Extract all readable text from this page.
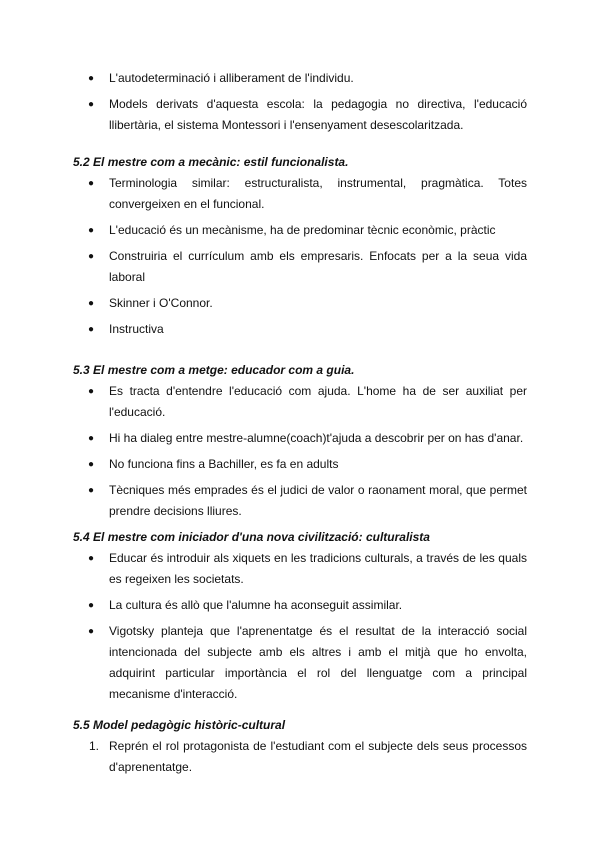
● L'autodeterminació i alliberament de l'individu.
● Models derivats d'aquesta escola: la pedagogia no directiva, l'educació llibertària, el sistema Montessori i l'ensenyament desescolaritzada.
5.2 El mestre com a mecànic: estil funcionalista.
● Terminologia similar: estructuralista, instrumental, pragmàtica. Totes convergeixen en el funcional.
● L'educació és un mecànisme, ha de predominar tècnic econòmic, pràctic
● Construiria el currículum amb els empresaris. Enfocats per a la seua vida laboral
● Skinner i O'Connor.
● Instructiva
5.3 El mestre com a metge: educador com a guia.
● Es tracta d'entendre l'educació com ajuda. L'home ha de ser auxiliat per l'educació.
● Hi ha dialeg entre mestre-alumne(coach)t'ajuda a descobrir per on has d'anar.
● No funciona fins a Bachiller, es fa en adults
● Tècniques més emprades és el judici de valor o raonament moral, que permet prendre decisions lliures.
5.4 El mestre com iniciador d'una nova civilització: culturalista
● Educar és introduir als xiquets en les tradicions culturals, a través de les quals es regeixen les societats.
● La cultura és allò que l'alumne ha aconseguit assimilar.
● Vigotsky planteja que l'aprenentatge és el resultat de la interacció social intencionada del subjecte amb els altres i amb el mitjà que ho envolta, adquirint particular importància el rol del llenguatge com a principal mecanisme d'interacció.
5.5 Model pedagògic històric-cultural
1. Reprén el rol protagonista de l'estudiant com el subjecte dels seus processos d'aprenentatge.
